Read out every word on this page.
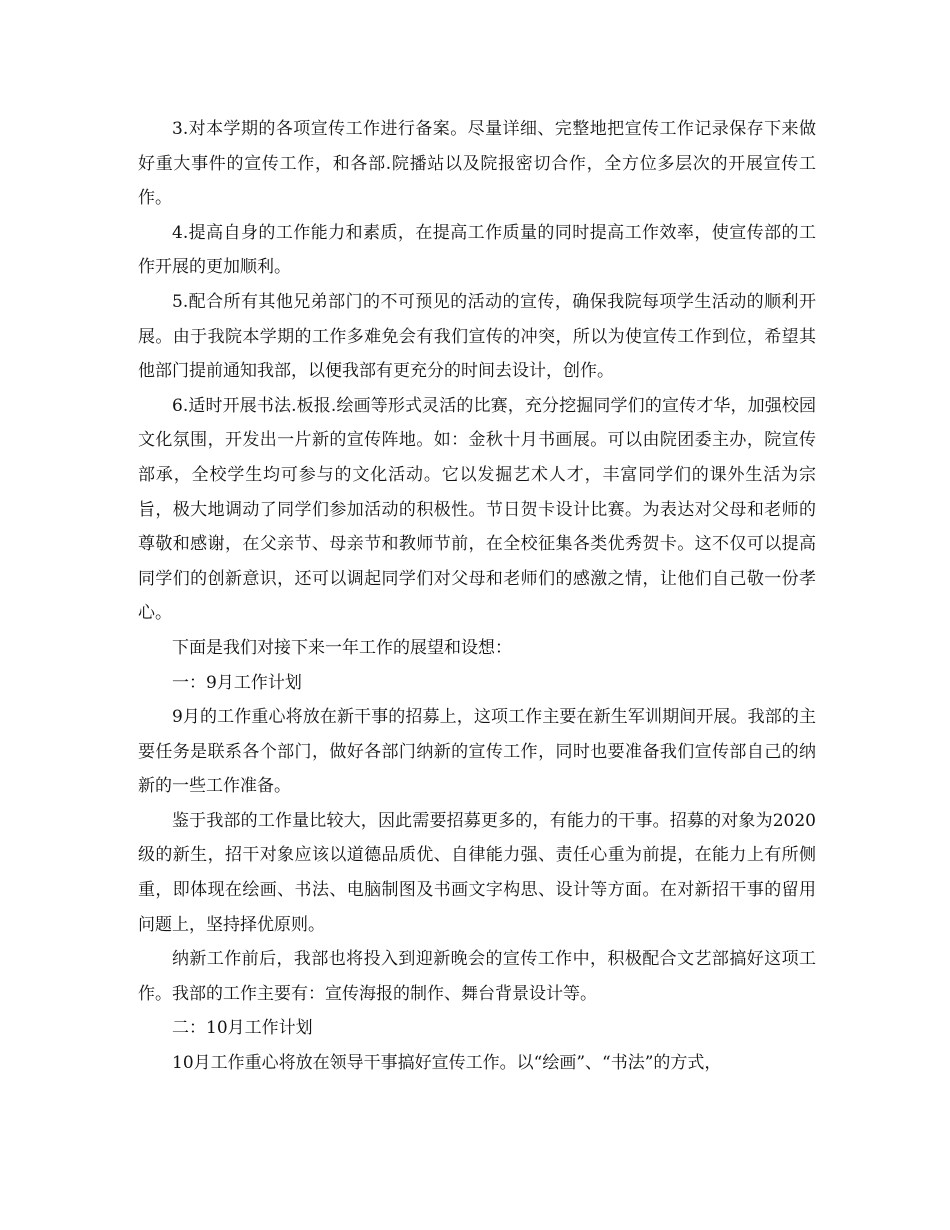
3.对本学期的各项宣传工作进行备案。尽量详细、完整地把宣传工作记录保存下来做好重大事件的宣传工作，和各部.院播站以及院报密切合作，全方位多层次的开展宣传工作。

4.提高自身的工作能力和素质，在提高工作质量的同时提高工作效率，使宣传部的工作开展的更加顺利。

5.配合所有其他兄弟部门的不可预见的活动的宣传，确保我院每项学生活动的顺利开展。由于我院本学期的工作多难免会有我们宣传的冲突，所以为使宣传工作到位，希望其他部门提前通知我部，以便我部有更充分的时间去设计，创作。

6.适时开展书法.板报.绘画等形式灵活的比赛，充分挖掘同学们的宣传才华，加强校园文化氛围，开发出一片新的宣传阵地。如：金秋十月书画展。可以由院团委主办，院宣传部承，全校学生均可参与的文化活动。它以发掘艺术人才，丰富同学们的课外生活为宗旨，极大地调动了同学们参加活动的积极性。节日贺卡设计比赛。为表达对父母和老师的尊敬和感谢，在父亲节、母亲节和教师节前，在全校征集各类优秀贺卡。这不仅可以提高同学们的创新意识，还可以调起同学们对父母和老师们的感激之情，让他们自己敬一份孝心。

下面是我们对接下来一年工作的展望和设想：

一：9月工作计划

9月的工作重心将放在新干事的招募上，这项工作主要在新生军训期间开展。我部的主要任务是联系各个部门，做好各部门纳新的宣传工作，同时也要准备我们宣传部自己的纳新的一些工作准备。

鉴于我部的工作量比较大，因此需要招募更多的，有能力的干事。招募的对象为2020级的新生，招干对象应该以道德品质优、自律能力强、责任心重为前提，在能力上有所侧重，即体现在绘画、书法、电脑制图及书画文字构思、设计等方面。在对新招干事的留用问题上，坚持择优原则。

纳新工作前后，我部也将投入到迎新晚会的宣传工作中，积极配合文艺部搞好这项工作。我部的工作主要有：宣传海报的制作、舞台背景设计等。

二：10月工作计划

10月工作重心将放在领导干事搞好宣传工作。以“绘画”、“书法”的方式，
